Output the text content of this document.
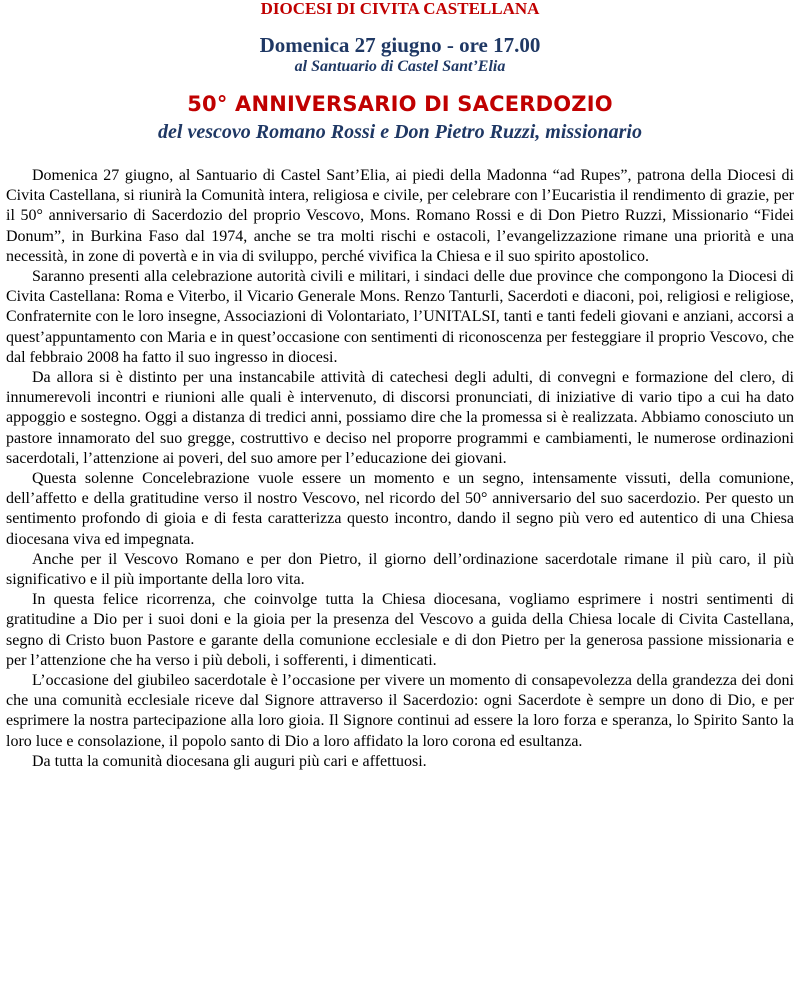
DIOCESI DI CIVITA CASTELLANA
Domenica 27 giugno - ore 17.00
al Santuario di Castel Sant’Elia
50° ANNIVERSARIO DI SACERDOZIO
del vescovo Romano Rossi e Don Pietro Ruzzi, missionario

Domenica 27 giugno, al Santuario di Castel Sant’Elia, ai piedi della Madonna “ad Rupes”, patrona della Diocesi di Civita Castellana, si riunirà la Comunità intera, religiosa e civile, per celebrare con l’Eucaristia il rendimento di grazie, per il 50° anniversario di Sacerdozio del proprio Vescovo, Mons. Romano Rossi e di Don Pietro Ruzzi, Missionario “Fidei Donum”, in Burkina Faso dal 1974, anche se tra molti rischi e ostacoli, l’evangelizzazione rimane una priorità e una necessità, in zone di povertà e in via di sviluppo, perché vivifica la Chiesa e il suo spirito apostolico.

Saranno presenti alla celebrazione autorità civili e militari, i sindaci delle due province che compongono la Diocesi di Civita Castellana: Roma e Viterbo, il Vicario Generale Mons. Renzo Tanturli, Sacerdoti e diaconi, poi, religiosi e religiose, Confraternite con le loro insegne, Associazioni di Volontariato, l’UNITALSI, tanti e tanti fedeli giovani e anziani, accorsi a quest’appuntamento con Maria e in quest’occasione con sentimenti di riconoscenza per festeggiare il proprio Vescovo, che dal febbraio 2008 ha fatto il suo ingresso in diocesi.

Da allora si è distinto per una instancabile attività di catechesi degli adulti, di convegni e formazione del clero, di innumerevoli incontri e riunioni alle quali è intervenuto, di discorsi pronunciati, di iniziative di vario tipo a cui ha dato appoggio e sostegno. Oggi a distanza di tredici anni, possiamo dire che la promessa si è realizzata. Abbiamo conosciuto un pastore innamorato del suo gregge, costruttivo e deciso nel proporre programmi e cambiamenti, le numerose ordinazioni sacerdotali, l’attenzione ai poveri, del suo amore per l’educazione dei giovani.

Questa solenne Concelebrazione vuole essere un momento e un segno, intensamente vissuti, della comunione, dell’affetto e della gratitudine verso il nostro Vescovo, nel ricordo del 50° anniversario del suo sacerdozio. Per questo un sentimento profondo di gioia e di festa caratterizza questo incontro, dando il segno più vero ed autentico di una Chiesa diocesana viva ed impegnata.

Anche per il Vescovo Romano e per don Pietro, il giorno dell’ordinazione sacerdotale rimane il più caro, il più significativo e il più importante della loro vita.

In questa felice ricorrenza, che coinvolge tutta la Chiesa diocesana, vogliamo esprimere i nostri sentimenti di gratitudine a Dio per i suoi doni e la gioia per la presenza del Vescovo a guida della Chiesa locale di Civita Castellana, segno di Cristo buon Pastore e garante della comunione ecclesiale e di don Pietro per la generosa passione missionaria e per l’attenzione che ha verso i più deboli, i sofferenti, i dimenticati.

L’occasione del giubileo sacerdotale è l’occasione per vivere un momento di consapevolezza della grandezza dei doni che una comunità ecclesiale riceve dal Signore attraverso il Sacerdozio: ogni Sacerdote è sempre un dono di Dio, e per esprimere la nostra partecipazione alla loro gioia. Il Signore continui ad essere la loro forza e speranza, lo Spirito Santo la loro luce e consolazione, il popolo santo di Dio a loro affidato la loro corona ed esultanza.

Da tutta la comunità diocesana gli auguri più cari e affettuosi.
